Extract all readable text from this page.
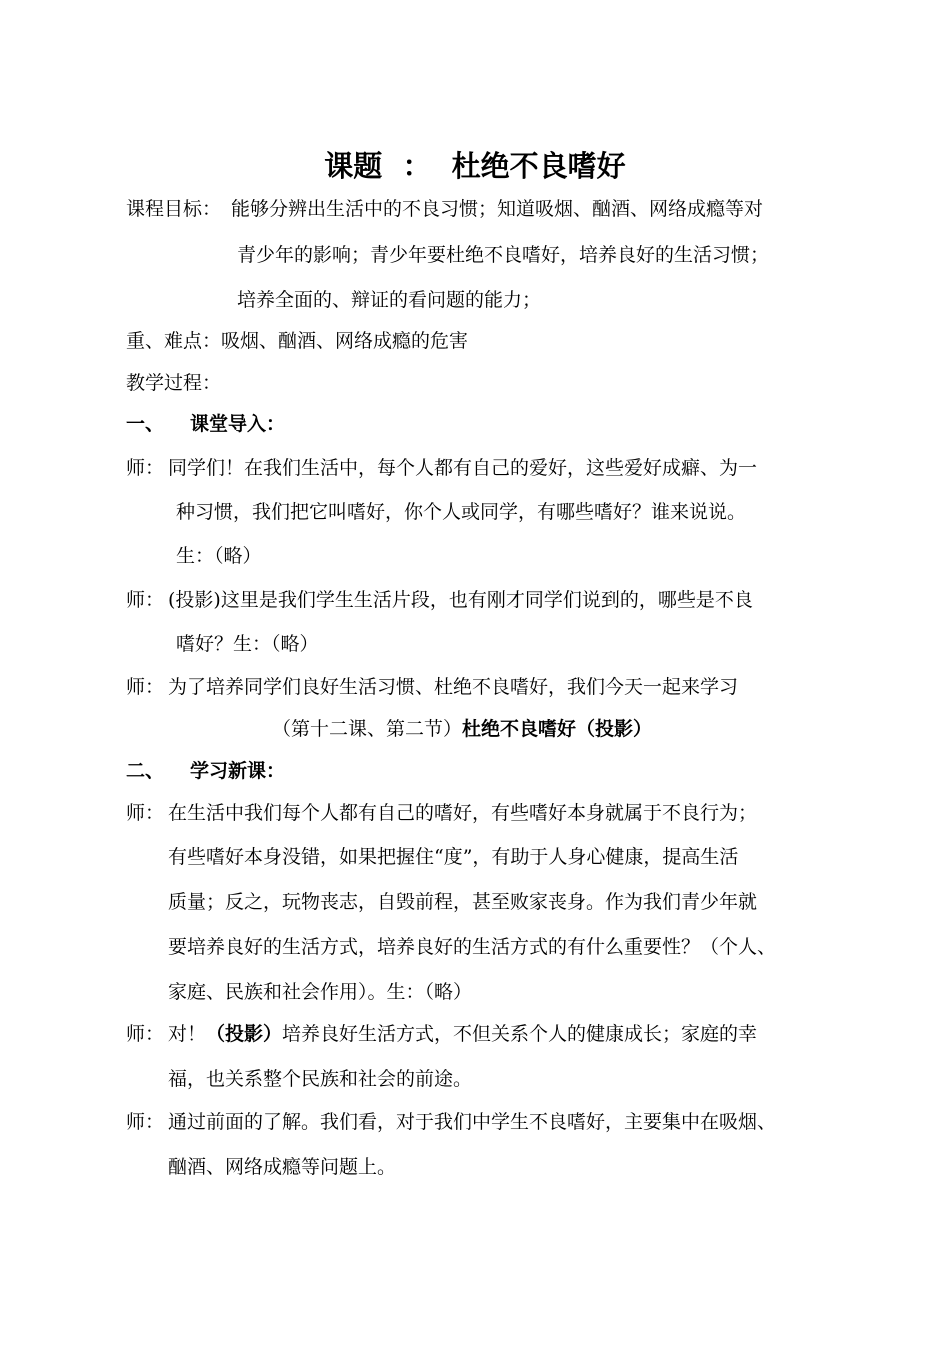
课题  ：  杜绝不良嗜好
课程目标： 能够分辨出生活中的不良习惯；知道吸烟、酗酒、网络成瘾等对
青少年的影响；青少年要杜绝不良嗜好，培养良好的生活习惯；
培养全面的、辩证的看问题的能力；
重、难点：吸烟、酗酒、网络成瘾的危害
教学过程：
一、 课堂导入：
师： 同学们！在我们生活中，每个人都有自己的爱好，这些爱好成癖、为一
种习惯，我们把它叫嗜好，你个人或同学，有哪些嗜好？谁来说说。
生：（略）
师： (投影)这里是我们学生生活片段，也有刚才同学们说到的，哪些是不良
嗜好？生：（略）
师： 为了培养同学们良好生活习惯、杜绝不良嗜好，我们今天一起来学习
（第十二课、第二节）杜绝不良嗜好（投影）
二、 学习新课：
师： 在生活中我们每个人都有自己的嗜好，有些嗜好本身就属于不良行为；
有些嗜好本身没错，如果把握住“度”，有助于人身心健康，提高生活
质量；反之，玩物丧志，自毁前程，甚至败家丧身。作为我们青少年就
要培养良好的生活方式，培养良好的生活方式的有什么重要性？（个人、
家庭、民族和社会作用）。生：（略）
师： 对！（投影）培养良好生活方式，不但关系个人的健康成长；家庭的幸
福，也关系整个民族和社会的前途。
师： 通过前面的了解。我们看，对于我们中学生不良嗜好，主要集中在吸烟、
酗酒、网络成瘾等问题上。
